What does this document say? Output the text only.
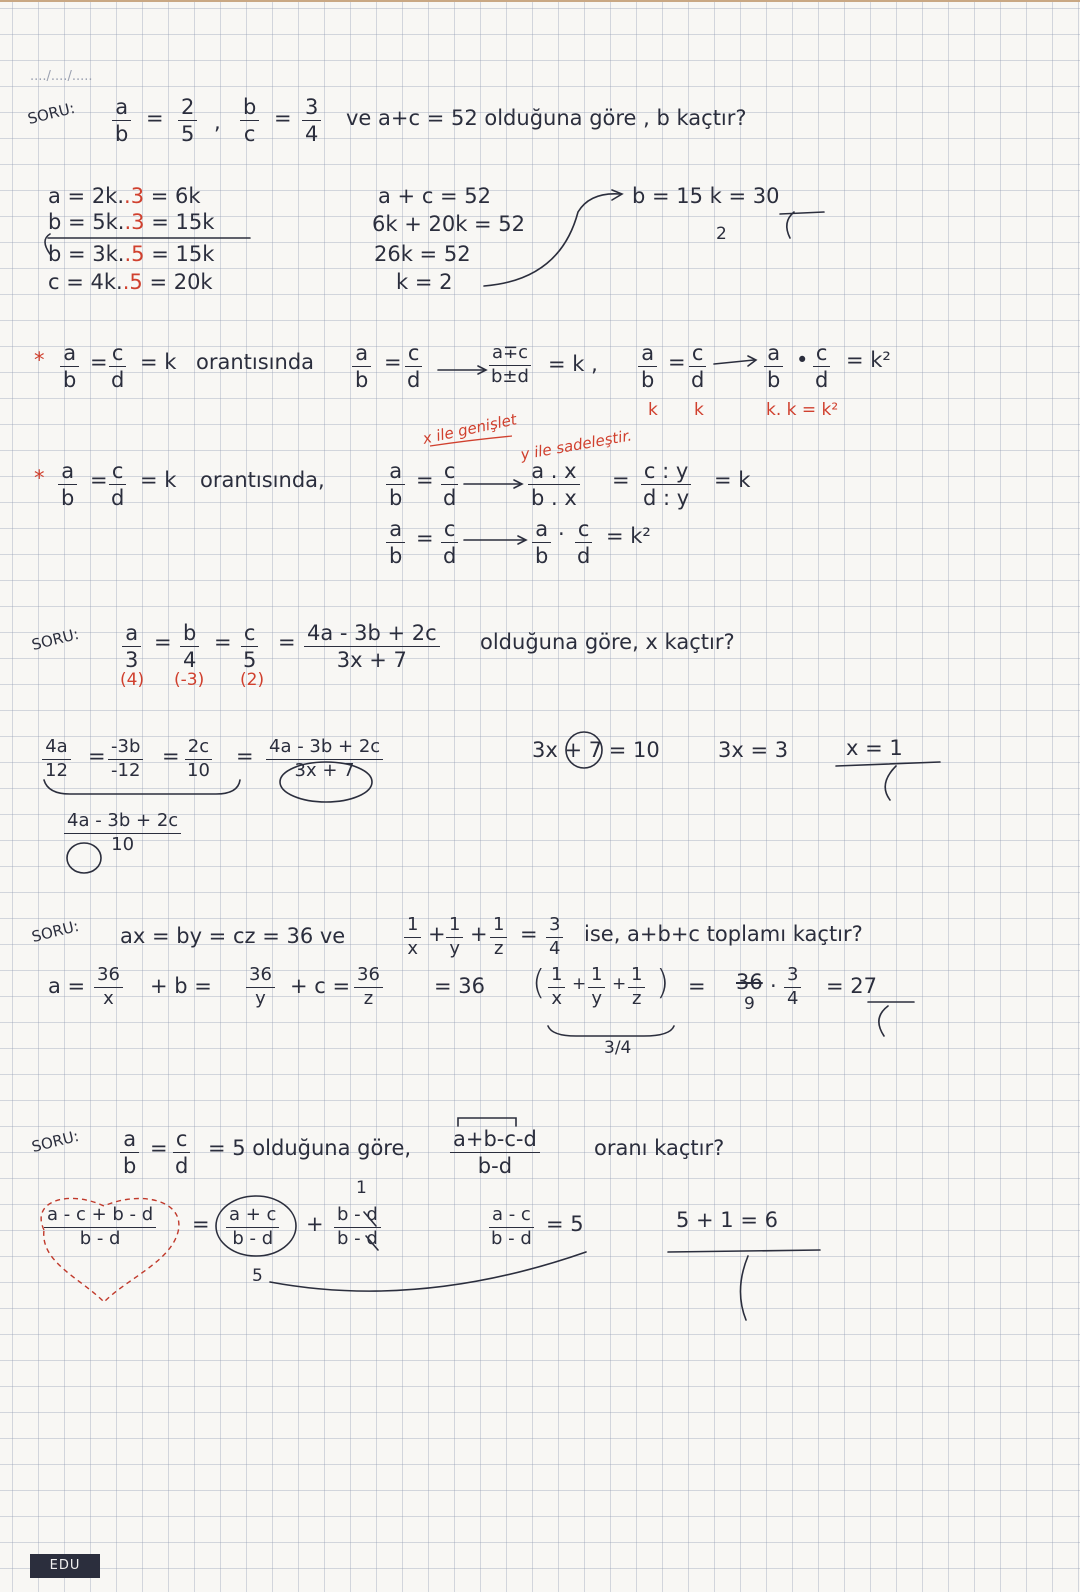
..../..../.....
SORU: $\frac{a}{b} = \frac{2}{5}$ , $\frac{b}{c} = \frac{3}{4}$ ve a+c = 52 olduğuna göre , b kaçtır?
a = 2k..3 = 6k
b = 5k..3 = 15k
b = 3k..5 = 15k
c = 4k..5 = 20k
a + c = 52
6k + 20k = 52
26k = 52
k = 2
b = 15 k = 30
2
* $\frac{a}{b} = \frac{c}{d} = k$ orantısında $\frac{a}{b} = \frac{c}{d}$	$\frac{a\mp c}{b\pm d} = k$ , $\frac{a}{b} = \frac{c}{d}$	$\frac{a}{b}$ • $\frac{c}{d} = k^2$
k k	k. k = k²
* $\frac{a}{b} = \frac{c}{d} = k$ orantısında,
x ile genişlet y ile sadeleştir.
$\frac{a}{b} = \frac{c}{d}$	$\frac{a . x}{b . x} = \frac{c : y}{d : y} = k$
$\frac{a}{b} = \frac{c}{d}$	$\frac{a}{b} \cdot \frac{c}{d} = k^2$
SORU: $\frac{a}{3}$
(4)
= $\frac{b}{4}$
(-3)
= $\frac{c}{5}$
(2)
= $\frac{4a - 3b + 2c}{3x + 7}$ olduğuna göre, x kaçtır?
$\frac{4a}{12} = \frac{-3b}{-12} = \frac{2c}{10} = \frac{4a - 3b + 2c}{3x + 7}$
$\frac{4a - 3b + 2c}{10}$
3x + 7 = 10	3x = 3	x = 1
SORU: ax = by = cz = 36 ve	$\frac{1}{x} + \frac{1}{y} + \frac{1}{z} = \frac{3}{4}$ ise, a+b+c toplamı kaçtır?
$a = \frac{36}{x} + b = \frac{36}{y} + c = \frac{36}{z} = 36$ ( $\frac{1}{x} + \frac{1}{y} + \frac{1}{z}$ )
3/4
= 36
9
· $\frac{3}{4} = 27$
SORU: $\frac{a}{b} = \frac{c}{d} = 5$ olduğuna göre, $\frac{a+b-c-d}{b-d}$	oranı kaçtır?
$\frac{a - c + b - d}{b - d} = \frac{a + c}{b - d}$
5
+
1
$\frac{b - d}{b - d}$	$\frac{a - c}{b - d} = 5$	5 + 1 = 6
EDU
